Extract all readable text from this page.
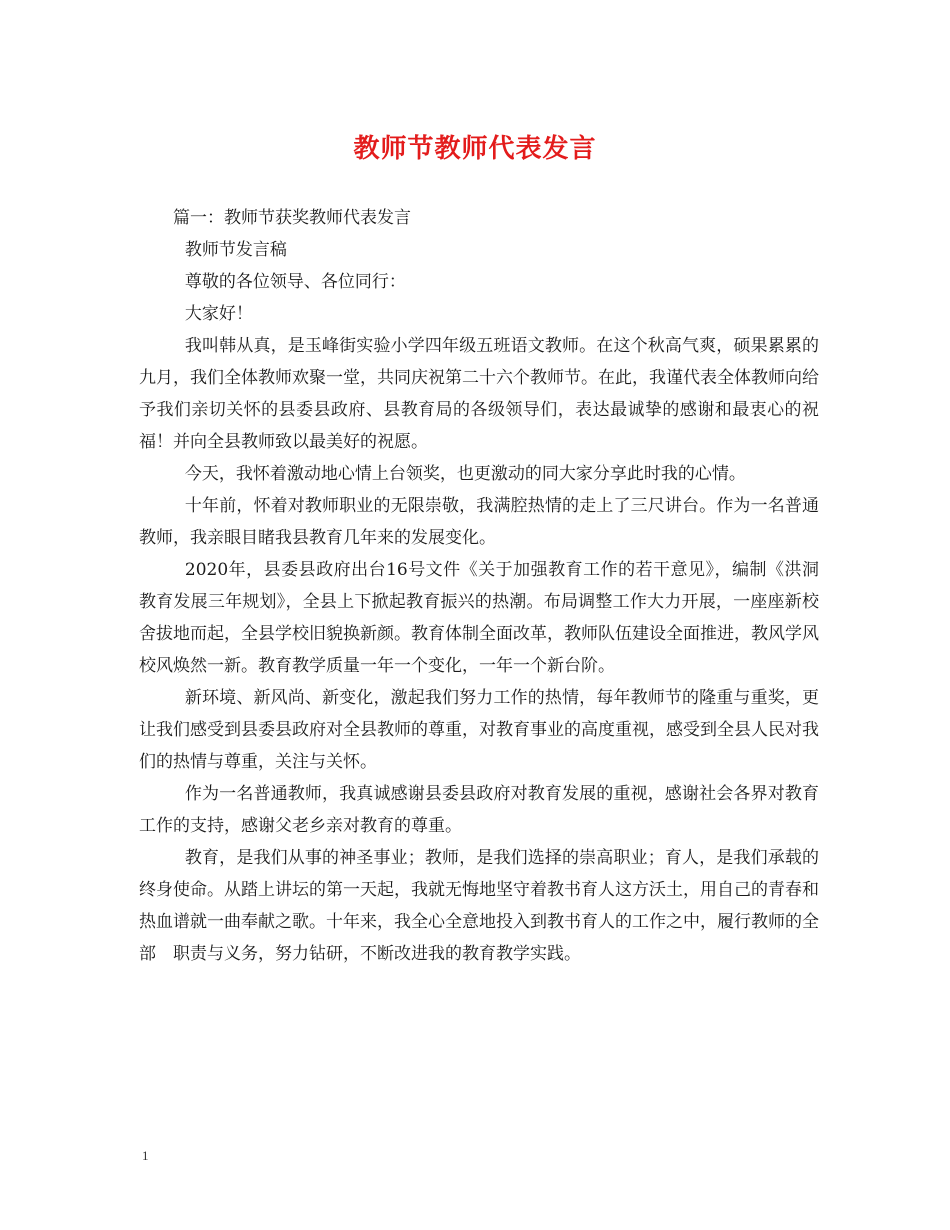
教师节教师代表发言

篇一：教师节获奖教师代表发言

教师节发言稿

尊敬的各位领导、各位同行：

大家好！

我叫韩从真，是玉峰街实验小学四年级五班语文教师。在这个秋高气爽，硕果累累的九月，我们全体教师欢聚一堂，共同庆祝第二十六个教师节。在此，我谨代表全体教师向给予我们亲切关怀的县委县政府、县教育局的各级领导们，表达最诚挚的感谢和最衷心的祝福！并向全县教师致以最美好的祝愿。

今天，我怀着激动地心情上台领奖，也更激动的同大家分享此时我的心情。

十年前，怀着对教师职业的无限崇敬，我满腔热情的走上了三尺讲台。作为一名普通教师，我亲眼目睹我县教育几年来的发展变化。

2020年，县委县政府出台16号文件《关于加强教育工作的若干意见》，编制《洪洞教育发展三年规划》，全县上下掀起教育振兴的热潮。布局调整工作大力开展，一座座新校舍拔地而起，全县学校旧貌换新颜。教育体制全面改革，教师队伍建设全面推进，教风学风校风焕然一新。教育教学质量一年一个变化，一年一个新台阶。

新环境、新风尚、新变化，激起我们努力工作的热情，每年教师节的隆重与重奖，更让我们感受到县委县政府对全县教师的尊重，对教育事业的高度重视，感受到全县人民对我们的热情与尊重，关注与关怀。

作为一名普通教师，我真诚感谢县委县政府对教育发展的重视，感谢社会各界对教育工作的支持，感谢父老乡亲对教育的尊重。

教育，是我们从事的神圣事业；教师，是我们选择的崇高职业；育人，是我们承载的终身使命。从踏上讲坛的第一天起，我就无悔地坚守着教书育人这方沃土，用自己的青春和热血谱就一曲奉献之歌。十年来，我全心全意地投入到教书育人的工作之中，履行教师的全部　职责与义务，努力钻研，不断改进我的教育教学实践。

1
